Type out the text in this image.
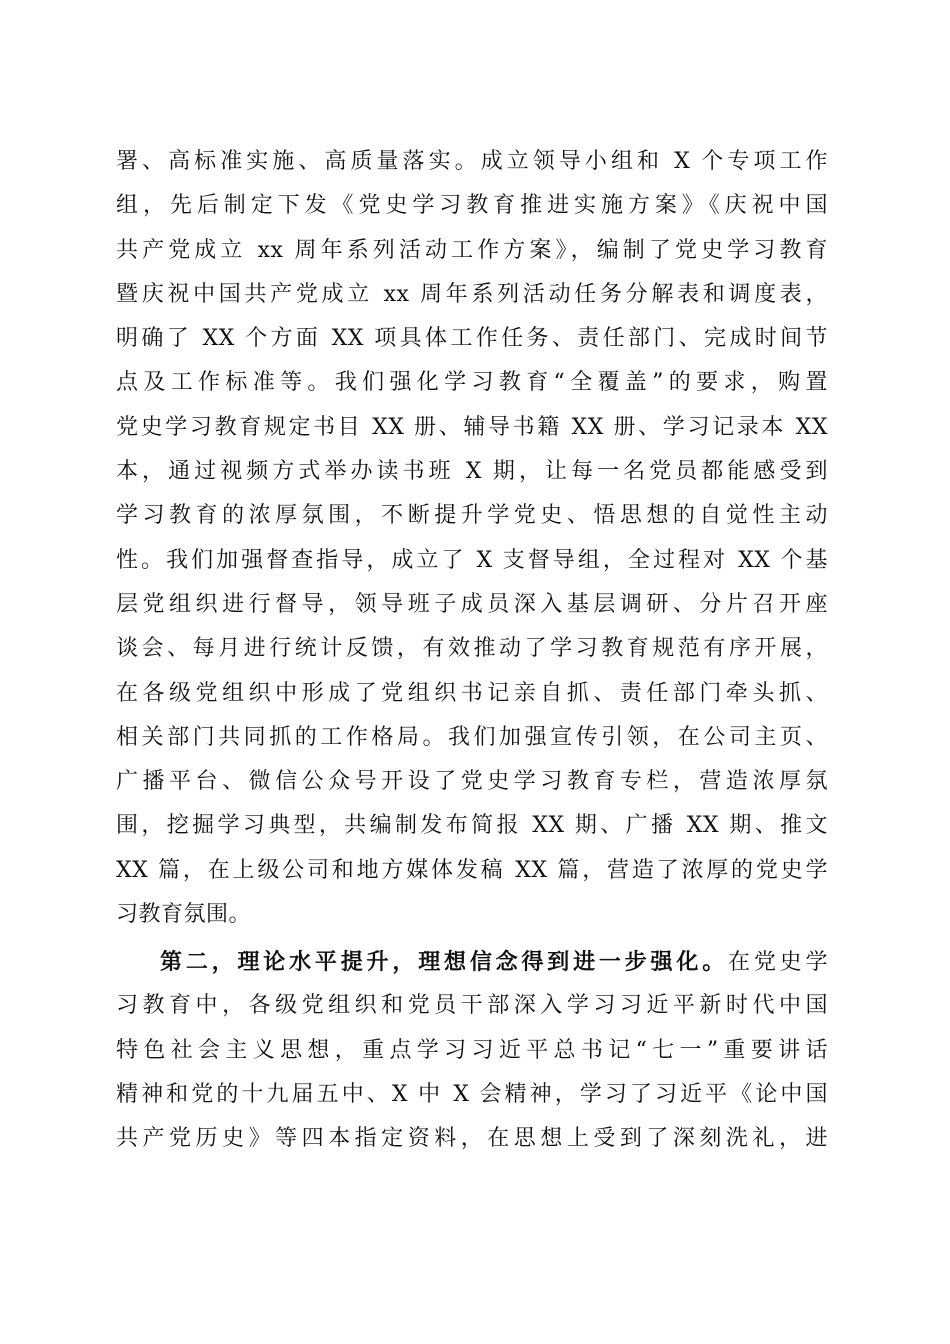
署、高标准实施、高质量落实。成立领导小组和 X 个专项工作
组，先后制定下发《党史学习教育推进实施方案》《庆祝中国
共产党成立 xx 周年系列活动工作方案》，编制了党史学习教育
暨庆祝中国共产党成立 xx 周年系列活动任务分解表和调度表，
明确了 XX 个方面 XX 项具体工作任务、责任部门、完成时间节
点及工作标准等。我们强化学习教育“全覆盖”的要求，购置
党史学习教育规定书目 XX 册、辅导书籍 XX 册、学习记录本 XX
本，通过视频方式举办读书班 X 期，让每一名党员都能感受到
学习教育的浓厚氛围，不断提升学党史、悟思想的自觉性主动
性。我们加强督查指导，成立了 X 支督导组，全过程对 XX 个基
层党组织进行督导，领导班子成员深入基层调研、分片召开座
谈会、每月进行统计反馈，有效推动了学习教育规范有序开展，
在各级党组织中形成了党组织书记亲自抓、责任部门牵头抓、
相关部门共同抓的工作格局。我们加强宣传引领，在公司主页、
广播平台、微信公众号开设了党史学习教育专栏，营造浓厚氛
围，挖掘学习典型，共编制发布简报 XX 期、广播 XX 期、推文
XX 篇，在上级公司和地方媒体发稿 XX 篇，营造了浓厚的党史学
习教育氛围。
第二，理论水平提升，理想信念得到进一步强化。在党史学
习教育中，各级党组织和党员干部深入学习习近平新时代中国
特色社会主义思想，重点学习习近平总书记“七一”重要讲话
精神和党的十九届五中、X 中 X 会精神，学习了习近平《论中国
共产党历史》等四本指定资料，在思想上受到了深刻洗礼，进
